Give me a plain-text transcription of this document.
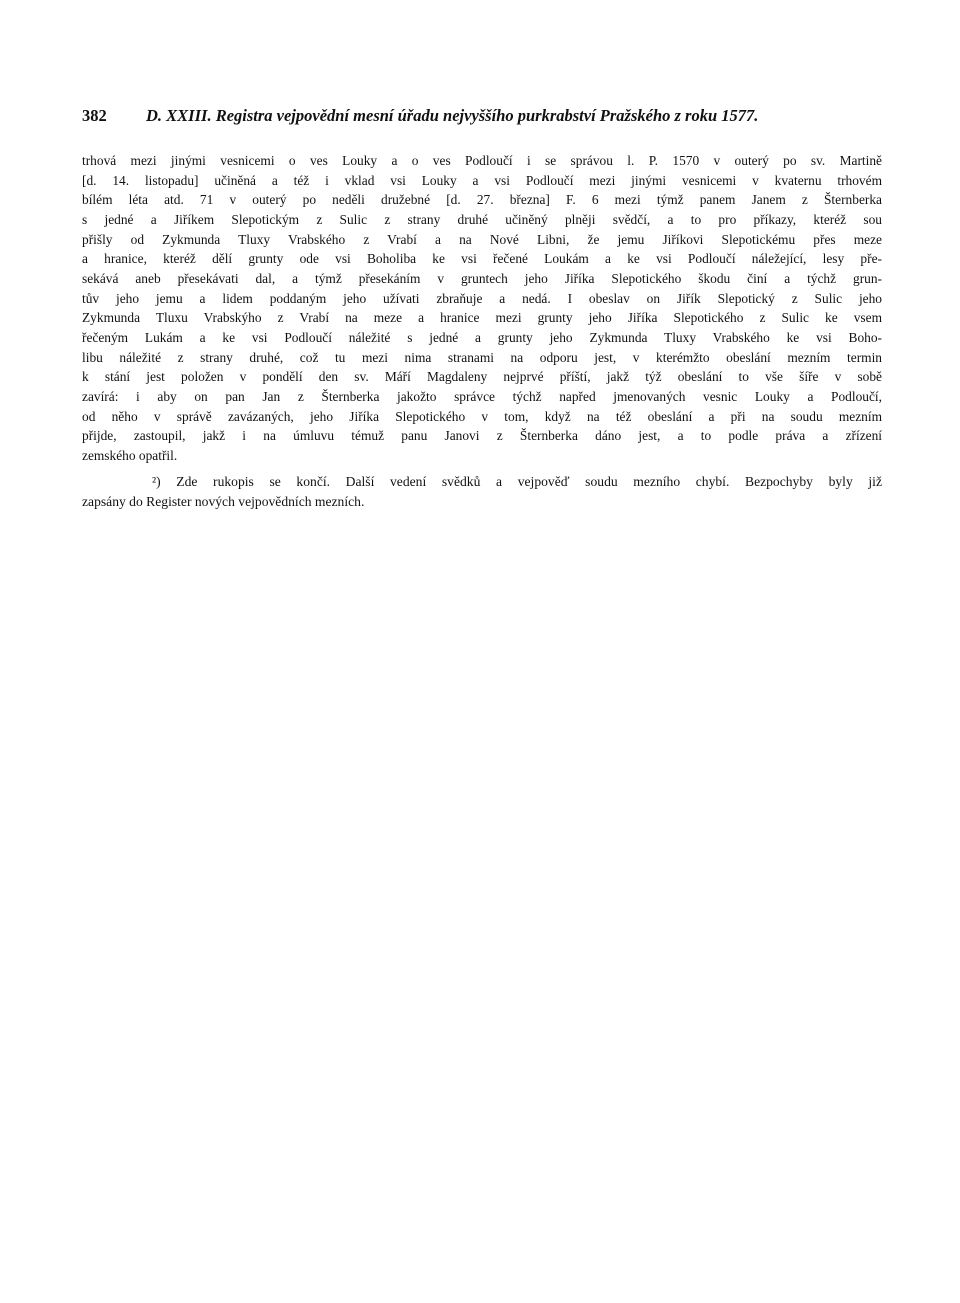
382 D. XXIII. Registra vejpovědní mesní úřadu nejvyššího purkrabství Pražského z roku 1577.
trhová mezi jinými vesnicemi o ves Louky a o ves Podloučí i se správou l. P. 1570 v outerý po sv. Martině
[d. 14. listopadu] učiněná a též i vklad vsi Louky a vsi Podloučí mezi jinými vesnicemi v kvaternu trhovém
bílém léta atd. 71 v outerý po neděli družebné [d. 27. března] F. 6 mezi týmž panem Janem z Šternberka
s jedné a Jiříkem Slepotickým z Sulic z strany druhé učiněný plněji svědčí, a to pro příkazy, kteréž sou
přišly od Zykmunda Tluxy Vrabského z Vrabí a na Nové Libni, že jemu Jiříkovi Slepotickému přes meze
a hranice, kteréž dělí grunty ode vsi Boholiba ke vsi řečené Loukám a ke vsi Podloučí náležející, lesy pře-
sekává aneb přesekávati dal, a týmž přesekáním v gruntech jeho Jiříka Slepotického škodu činí a týchž grun-
tův jeho jemu a lidem poddaným jeho užívati zbraňuje a nedá. I obeslav on Jiřík Slepotický z Sulic jeho
Zykmunda Tluxu Vrabskýho z Vrabí na meze a hranice mezi grunty jeho Jiříka Slepotického z Sulic ke vsem
řečeným Lukám a ke vsi Podloučí náležité s jedné a grunty jeho Zykmunda Tluxy Vrabského ke vsi Boho-
libu náležité z strany druhé, což tu mezi nima stranami na odporu jest, v kterémžto obeslání mezním termin
k stání jest položen v pondělí den sv. Máří Magdaleny nejprvé příští, jakž týž obeslání to vše šíře v sobě
zavírá: i aby on pan Jan z Šternberka jakožto správce týchž napřed jmenovaných vesnic Louky a Podloučí,
od něho v správě zavázaných, jeho Jiříka Slepotického v tom, když na též obeslání a při na soudu mezním
přijde, zastoupil, jakž i na úmluvu témuž panu Janovi z Šternberka dáno jest, a to podle práva a zřízení
zemského opatřil.
²) Zde rukopis se končí. Další vedení svědků a vejpověď soudu mezního chybí. Bezpochyby byly již
zapsány do Register nových vejpovědních mezních.
